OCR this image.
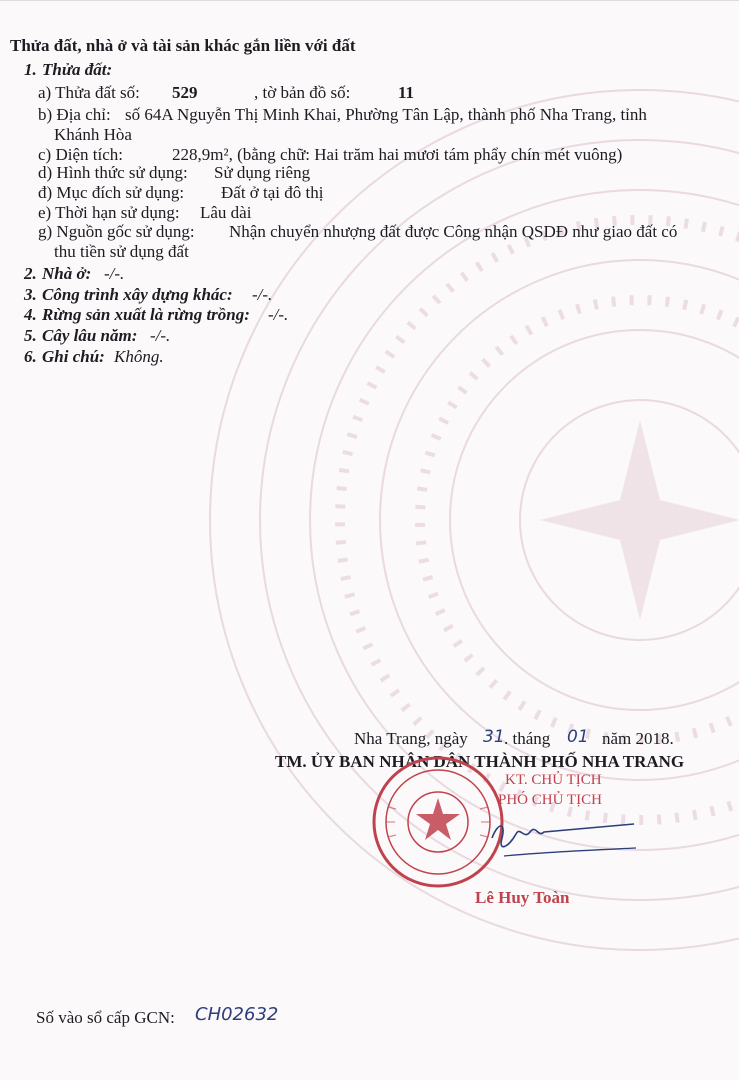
Thửa đất, nhà ở và tài sản khác gắn liền với đất
1. Thửa đất:
a) Thửa đất số: 529	, tờ bản đồ số:	11
b) Địa chỉ: số 64A Nguyễn Thị Minh Khai, Phường Tân Lập, thành phố Nha Trang, tỉnh
Khánh Hòa
c) Diện tích:	228,9m², (bằng chữ: Hai trăm hai mươi tám phẩy chín mét vuông)
d) Hình thức sử dụng: Sử dụng riêng
đ) Mục đích sử dụng: Đất ở tại đô thị
e) Thời hạn sử dụng: Lâu dài
g) Nguồn gốc sử dụng: Nhận chuyển nhượng đất được Công nhận QSDĐ như giao đất có
thu tiền sử dụng đất
2. Nhà ở: -/-.
3. Công trình xây dựng khác: -/-.
4. Rừng sản xuất là rừng trồng: -/-.
5. Cây lâu năm: -/-.
6. Ghi chú: Không.
Nha Trang, ngày 31 . tháng 01 năm 2018.
TM. ỦY BAN NHÂN DÂN THÀNH PHỐ NHA TRANG
KT. CHỦ TỊCH
PHÓ CHỦ TỊCH
Lê Huy Toàn
Số vào sổ cấp GCN: CH02632
